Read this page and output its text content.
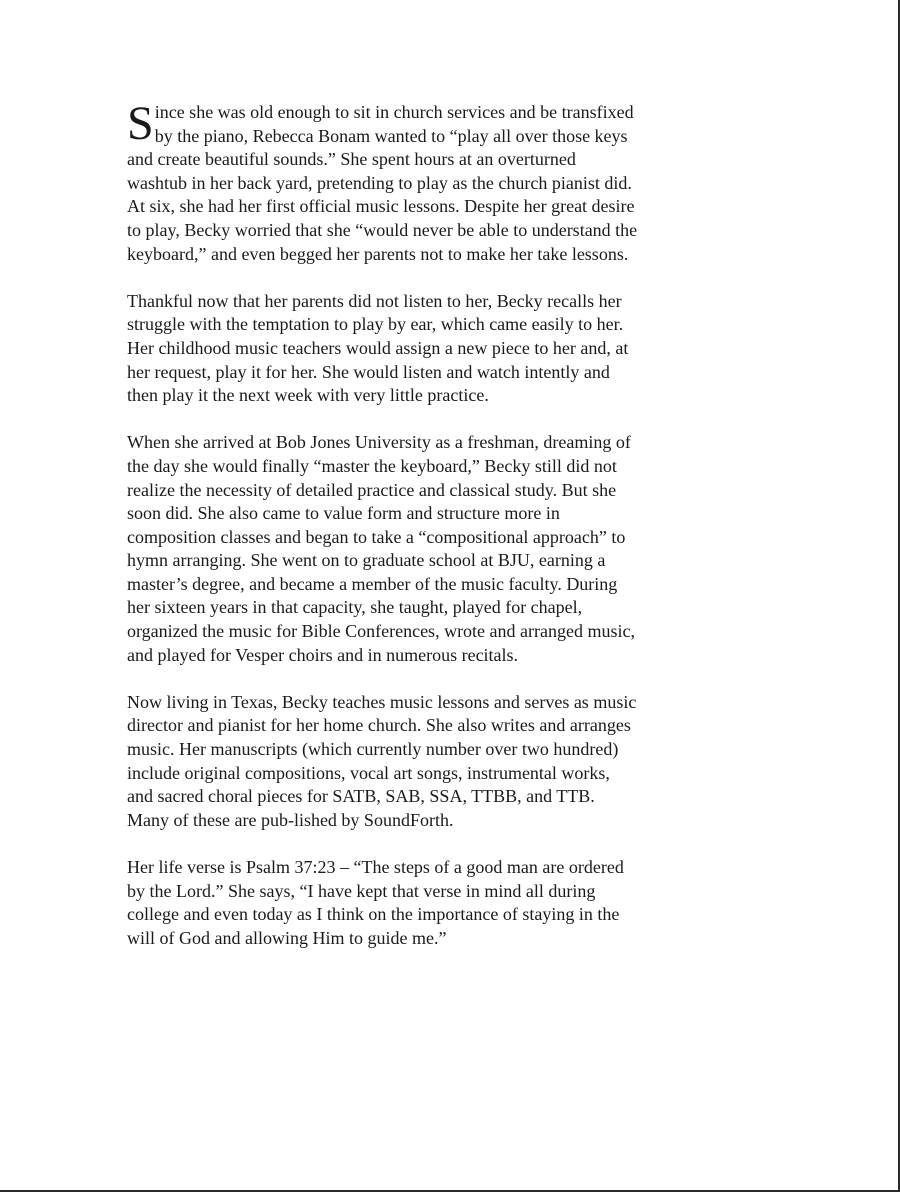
Since she was old enough to sit in church services and be transfixed by the piano, Rebecca Bonam wanted to “play all over those keys and create beautiful sounds.” She spent hours at an overturned washtub in her back yard, pretending to play as the church pianist did. At six, she had her first official music lessons. Despite her great desire to play, Becky worried that she “would never be able to understand the keyboard,” and even begged her parents not to make her take lessons.

Thankful now that her parents did not listen to her, Becky recalls her struggle with the temptation to play by ear, which came easily to her. Her childhood music teachers would assign a new piece to her and, at her request, play it for her. She would listen and watch intently and then play it the next week with very little practice.

When she arrived at Bob Jones University as a freshman, dreaming of the day she would finally “master the keyboard,” Becky still did not realize the necessity of detailed practice and classical study. But she soon did. She also came to value form and structure more in composition classes and began to take a “compositional approach” to hymn arranging. She went on to graduate school at BJU, earning a master’s degree, and became a member of the music faculty. During her sixteen years in that capacity, she taught, played for chapel, organized the music for Bible Conferences, wrote and arranged music, and played for Vesper choirs and in numerous recitals.

Now living in Texas, Becky teaches music lessons and serves as music director and pianist for her home church. She also writes and arranges music. Her manuscripts (which currently number over two hundred) include original compositions, vocal art songs, instrumental works, and sacred choral pieces for SATB, SAB, SSA, TTBB, and TTB. Many of these are pub-lished by SoundForth.

Her life verse is Psalm 37:23 – “The steps of a good man are ordered by the Lord.” She says, “I have kept that verse in mind all during college and even today as I think on the importance of staying in the will of God and allowing Him to guide me.”
